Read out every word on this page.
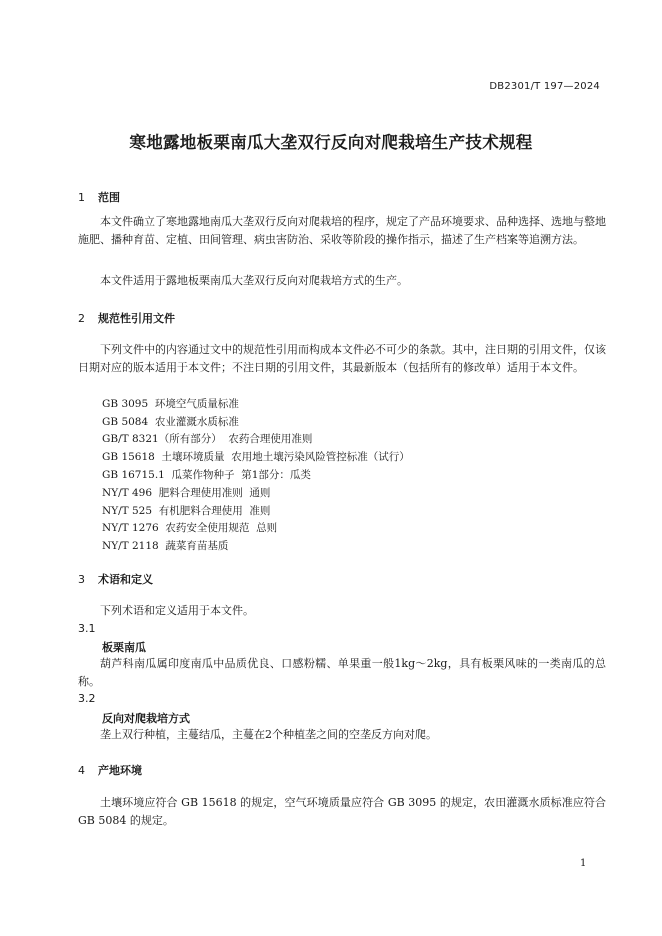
DB2301/T 197—2024
寒地露地板栗南瓜大垄双行反向对爬栽培生产技术规程
1 范围

本文件确立了寒地露地南瓜大垄双行反向对爬栽培的程序，规定了产品环境要求、品种选择、选地与整地施肥、播种育苗、定植、田间管理、病虫害防治、采收等阶段的操作指示，描述了生产档案等追溯方法。

本文件适用于露地板栗南瓜大垄双行反向对爬栽培方式的生产。

2 规范性引用文件

下列文件中的内容通过文中的规范性引用而构成本文件必不可少的条款。其中，注日期的引用文件，仅该日期对应的版本适用于本文件；不注日期的引用文件，其最新版本（包括所有的修改单）适用于本文件。

GB 3095  环境空气质量标准
GB 5084  农业灌溉水质标准
GB/T 8321（所有部分）  农药合理使用准则
GB 15618  土壤环境质量  农用地土壤污染风险管控标准（试行）
GB 16715.1  瓜菜作物种子  第1部分：瓜类
NY/T 496  肥料合理使用准则  通则
NY/T 525  有机肥料合理使用  准则
NY/T 1276  农药安全使用规范  总则
NY/T 2118  蔬菜育苗基质
3 术语和定义

下列术语和定义适用于本文件。

3.1
板栗南瓜

葫芦科南瓜属印度南瓜中品质优良、口感粉糯、单果重一般1kg～2kg，具有板栗风味的一类南瓜的总称。

3.2
反向对爬栽培方式

垄上双行种植，主蔓结瓜，主蔓在2个种植垄之间的空垄反方向对爬。

4 产地环境

土壤环境应符合 GB 15618 的规定，空气环境质量应符合 GB 3095 的规定，农田灌溉水质标准应符合 GB 5084 的规定。

1
